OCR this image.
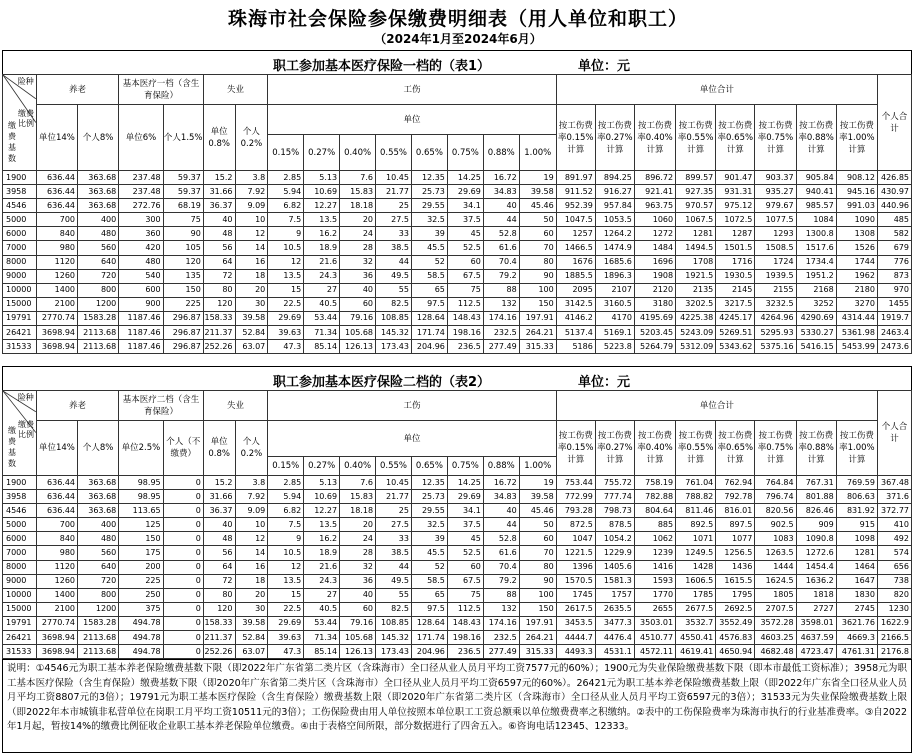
珠海市社会保险参保缴费明细表（用人单位和职工）
（2024年1月至2024年6月）
职工参加基本医疗保险一档的（表1）	单位：元
险种
缴费比例
缴费基数	养老		基本医疗一档（含生育保险）		失业		工伤								单位合计								个人合计
	单位14%	个人8%	单位6%	个人1.5%	单位0.8%	个人0.2%	单位								按工伤费率0.15%计算	按工伤费率0.27%计算	按工伤费率0.40%计算	按工伤费率0.55%计算	按工伤费率0.65%计算	按工伤费率0.75%计算	按工伤费率0.88%计算	按工伤费率1.00%计算	
							0.15%	0.27%	0.40%	0.55%	0.65%	0.75%	0.88%	1.00%									
1900	636.44	363.68	237.48	59.37	15.2	3.8	2.85	5.13	7.6	10.45	12.35	14.25	16.72	19	891.97	894.25	896.72	899.57	901.47	903.37	905.84	908.12	426.85
3958	636.44	363.68	237.48	59.37	31.66	7.92	5.94	10.69	15.83	21.77	25.73	29.69	34.83	39.58	911.52	916.27	921.41	927.35	931.31	935.27	940.41	945.16	430.97
4546	636.44	363.68	272.76	68.19	36.37	9.09	6.82	12.27	18.18	25	29.55	34.1	40	45.46	952.39	957.84	963.75	970.57	975.12	979.67	985.57	991.03	440.96
5000	700	400	300	75	40	10	7.5	13.5	20	27.5	32.5	37.5	44	50	1047.5	1053.5	1060	1067.5	1072.5	1077.5	1084	1090	485
6000	840	480	360	90	48	12	9	16.2	24	33	39	45	52.8	60	1257	1264.2	1272	1281	1287	1293	1300.8	1308	582
7000	980	560	420	105	56	14	10.5	18.9	28	38.5	45.5	52.5	61.6	70	1466.5	1474.9	1484	1494.5	1501.5	1508.5	1517.6	1526	679
8000	1120	640	480	120	64	16	12	21.6	32	44	52	60	70.4	80	1676	1685.6	1696	1708	1716	1724	1734.4	1744	776
9000	1260	720	540	135	72	18	13.5	24.3	36	49.5	58.5	67.5	79.2	90	1885.5	1896.3	1908	1921.5	1930.5	1939.5	1951.2	1962	873
10000	1400	800	600	150	80	20	15	27	40	55	65	75	88	100	2095	2107	2120	2135	2145	2155	2168	2180	970
15000	2100	1200	900	225	120	30	22.5	40.5	60	82.5	97.5	112.5	132	150	3142.5	3160.5	3180	3202.5	3217.5	3232.5	3252	3270	1455
19791	2770.74	1583.28	1187.46	296.87	158.33	39.58	29.69	53.44	79.16	108.85	128.64	148.43	174.16	197.91	4146.2	4170	4195.69	4225.38	4245.17	4264.96	4290.69	4314.44	1919.7
26421	3698.94	2113.68	1187.46	296.87	211.37	52.84	39.63	71.34	105.68	145.32	171.74	198.16	232.5	264.21	5137.4	5169.1	5203.45	5243.09	5269.51	5295.93	5330.27	5361.98	2463.4
31533	3698.94	2113.68	1187.46	296.87	252.26	63.07	47.3	85.14	126.13	173.43	204.96	236.5	277.49	315.33	5186	5223.8	5264.79	5312.09	5343.62	5375.16	5416.15	5453.99	2473.6
职工参加基本医疗保险二档的（表2）	单位：元
险种
缴费比例
缴费基数	养老		基本医疗二档（含生育保险）		失业		工伤								单位合计								个人合计
	单位14%	个人8%	单位2.5%	个人（不缴费）	单位0.8%	个人0.2%	单位								按工伤费率0.15%计算	按工伤费率0.27%计算	按工伤费率0.40%计算	按工伤费率0.55%计算	按工伤费率0.65%计算	按工伤费率0.75%计算	按工伤费率0.88%计算	按工伤费率1.00%计算	
							0.15%	0.27%	0.40%	0.55%	0.65%	0.75%	0.88%	1.00%									
1900	636.44	363.68	98.95	0	15.2	3.8	2.85	5.13	7.6	10.45	12.35	14.25	16.72	19	753.44	755.72	758.19	761.04	762.94	764.84	767.31	769.59	367.48
3958	636.44	363.68	98.95	0	31.66	7.92	5.94	10.69	15.83	21.77	25.73	29.69	34.83	39.58	772.99	777.74	782.88	788.82	792.78	796.74	801.88	806.63	371.6
4546	636.44	363.68	113.65	0	36.37	9.09	6.82	12.27	18.18	25	29.55	34.1	40	45.46	793.28	798.73	804.64	811.46	816.01	820.56	826.46	831.92	372.77
5000	700	400	125	0	40	10	7.5	13.5	20	27.5	32.5	37.5	44	50	872.5	878.5	885	892.5	897.5	902.5	909	915	410
6000	840	480	150	0	48	12	9	16.2	24	33	39	45	52.8	60	1047	1054.2	1062	1071	1077	1083	1090.8	1098	492
7000	980	560	175	0	56	14	10.5	18.9	28	38.5	45.5	52.5	61.6	70	1221.5	1229.9	1239	1249.5	1256.5	1263.5	1272.6	1281	574
8000	1120	640	200	0	64	16	12	21.6	32	44	52	60	70.4	80	1396	1405.6	1416	1428	1436	1444	1454.4	1464	656
9000	1260	720	225	0	72	18	13.5	24.3	36	49.5	58.5	67.5	79.2	90	1570.5	1581.3	1593	1606.5	1615.5	1624.5	1636.2	1647	738
10000	1400	800	250	0	80	20	15	27	40	55	65	75	88	100	1745	1757	1770	1785	1795	1805	1818	1830	820
15000	2100	1200	375	0	120	30	22.5	40.5	60	82.5	97.5	112.5	132	150	2617.5	2635.5	2655	2677.5	2692.5	2707.5	2727	2745	1230
19791	2770.74	1583.28	494.78	0	158.33	39.58	29.69	53.44	79.16	108.85	128.64	148.43	174.16	197.91	3453.5	3477.3	3503.01	3532.7	3552.49	3572.28	3598.01	3621.76	1622.9
26421	3698.94	2113.68	494.78	0	211.37	52.84	39.63	71.34	105.68	145.32	171.74	198.16	232.5	264.21	4444.7	4476.4	4510.77	4550.41	4576.83	4603.25	4637.59	4669.3	2166.5
31533	3698.94	2113.68	494.78	0	252.26	63.07	47.3	85.14	126.13	173.43	204.96	236.5	277.49	315.33	4493.3	4531.1	4572.11	4619.41	4650.94	4682.48	4723.47	4761.31	2176.8
说明：①4546元为职工基本养老保险缴费基数下限（即2022年广东省第二类片区（含珠海市）全口径从业人员月平均工资7577元的60%）；1900元为失业保险缴费基数下限（即本市最低工资标准）；3958元为职工基本医疗保险（含生育保险）缴费基数下限（即2020年广东省第二类片区（含珠海市）全口径从业人员月平均工资6597元的60%）。26421元为职工基本养老保险缴费基数上限（即2022年广东省全口径从业人员月平均工资8807元的3倍）；19791元为职工基本医疗保险（含生育保险）缴费基数上限（即2020年广东省第二类片区（含珠海市）全口径从业人员月平均工资6597元的3倍）；31533元为失业保险缴费基数上限（即2022年本市城镇非私营单位在岗职工月平均工资10511元的3倍）；工伤保险费由用人单位按照本单位职工工资总额乘以单位缴费费率之积缴纳。②表中的工伤保险费率为珠海市执行的行业基准费率。③自2022年1月起，暂按14%的缴费比例征收企业职工基本养老保险单位缴费。④由于表格空间所限，部分数据进行了四舍五入。⑥咨询电话12345、12333。
